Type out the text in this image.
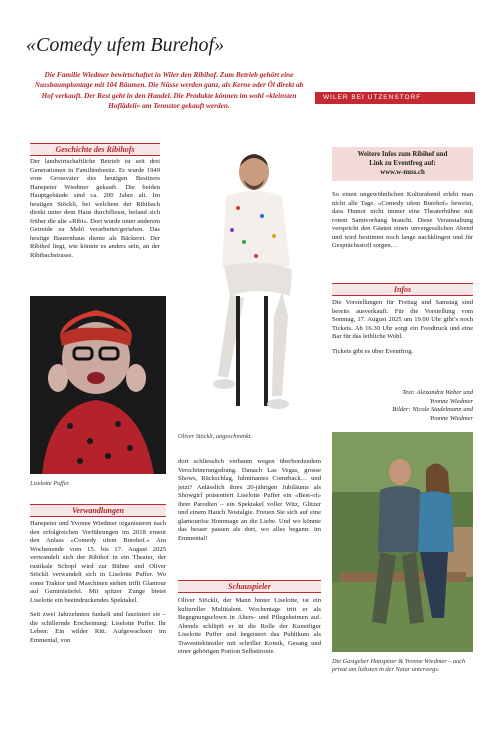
«Comedy ufem Burehof»
Die Familie Wiedmer bewirtschaftet in Wiler den Ribihof. Zum Betrieb gehört eine Nussbaumplantage mit 104 Bäumen. Die Nüsse werden ganz, als Kerne oder Öl direkt ab Hof verkauft. Der Rest geht in den Handel. Die Produkte können im wohl «kleinsten Hoflädeli» am Tennstor gekauft werden.
WILER BEI UTZENSTORF
Geschichte des Ribihofs

Der landwirtschaftliche Betrieb ist seit drei Generationen in Familienbesitz. Er wurde 1949 vom Grossvater des heutigen Besitzers Hanspeter Wiedmer gekauft. Die beiden Hauptgebäude sind ca. 200 Jahre alt. Im heutigen Stöckli, bei welchem der Ribibach direkt unter dem Haus durchfliesst, befand sich früher die alte «Ribi». Dort wurde unter anderem Getreide zu Mehl verarbeitet/gerieben. Das heutige Bauernhaus diente als Bäckerei. Der Ribihof liegt, wie könnte es anders sein, an der Ribibachstrasse.

Liselotte Puffer.
Verwandlungen

Hanspeter und Yvonne Wiedmer organisieren nach den erfolgreichen Vorführungen im 2018 erneut den Anlass «Comedy ufem Burehof.» Am Wochenende vom 15. bis 17. August 2025 verwandelt sich der Ribihof in ein Theater, der rustikale Schopf wird zur Bühne und Oliver Stöckli verwandelt sich in Liselotte Puffer. Wo sonst Traktor und Maschinen stehen trifft Glamour auf Gummistiefel. Mit spitzer Zunge bietet Liselotte ein beeindruckendes Spektakel.

Seit zwei Jahrzehnten funkelt und fasziniert sie – die schillernde Erscheinung: Liselotte Puffer. Ihr Leben: Ein wilder Ritt. Aufgewachsen im Emmental, von

Oliver Stöckli, ungeschminkt.

dort schliesslich verbannt wegen überbordendem Verschönerungsdrang. Danach Las Vegas, grosse Shows, Rückschlag, fulminantes Comeback… und jetzt? Anlässlich ihres 20-jährigen Jubiläums als Showgirl präsentiert Liselotte Puffer ein «Best-of» ihrer Parodien – ein Spektakel voller Witz, Glitzer und einem Hauch Nostalgie. Freuen Sie sich auf eine glamouröse Hommage an die Liebe. Und wo könnte das besser passen als dort, wo alles begann: im Emmental!

Schauspieler

Oliver Stöckli, der Mann hinter Liselotte, ist ein kultureller Multitalent. Wochentags tritt er als Begegnungsclown in Alters- und Pflegeheimen auf. Abends schlüpft er in die Rolle der Kunstfigur Liselotte Puffer und begeistert das Publikum als Travestiekünstler mit schriller Komik, Gesang und einer gehörigen Portion Selbstironie.

Weitere Infos zum Ribihof und
Link zu Eventfrog auf:
www.w-nuss.ch

So einen ungewöhnlichen Kulturabend erlebt man nicht alle Tage. «Comedy ufem Burehof» beweist, dass Humor nicht immer eine Theaterbühne mit rotem Samtvorhang braucht. Diese Veranstaltung verspricht den Gästen einen unvergesslichen Abend und wird bestimmt noch lange nachklingen und für Gesprächsstoff sorgen…

Infos

Die Vorstellungen für Freitag und Samstag sind bereits ausverkauft. Für die Vorstellung vom Sonntag, 17. August 2025 um 19.00 Uhr gibt’s noch Tickets. Ab 16.30 Uhr sorgt ein Foodtruck und eine Bar für das leibliche Wohl.

Tickets gibt es über Eventfrog.

Text: Alexandra Weber und
Yvonne Wiedmer
Bilder: Nicole Stadelmann und
Yvonne Wiedmer
Die Gastgeber Hanspeter & Yvonne Wiedmer – auch privat am liebsten in der Natur unterwegs.
